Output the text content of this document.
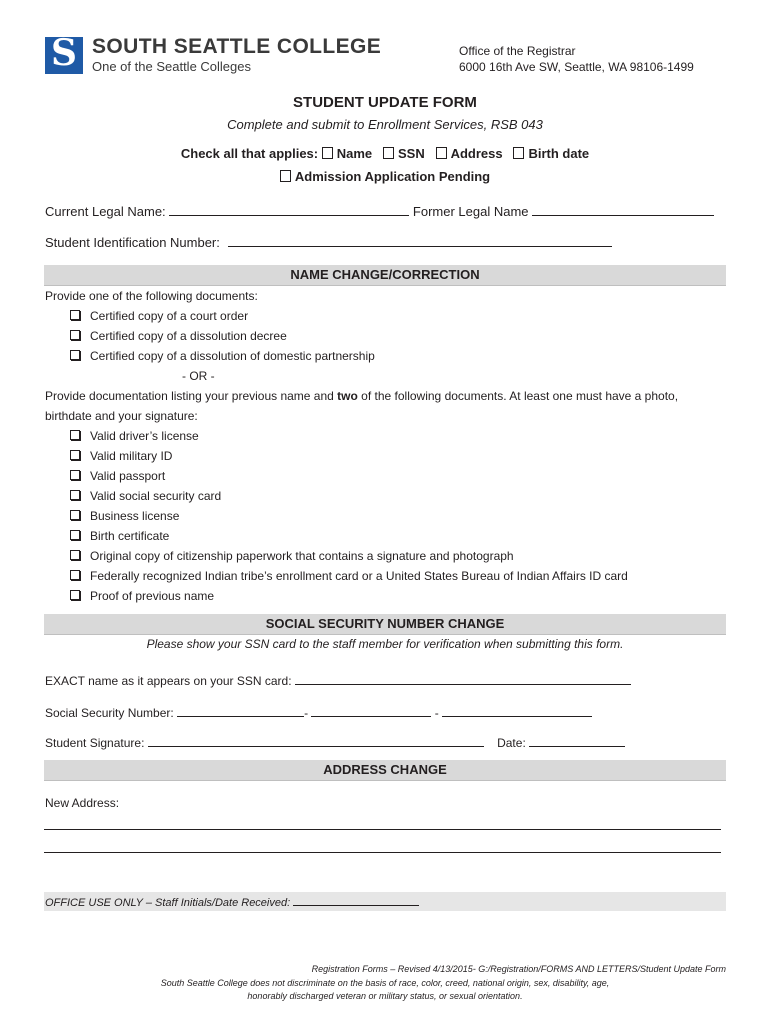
S SOUTH SEATTLE COLLEGE
One of the Seattle Colleges
Office of the Registrar
6000 16th Ave SW, Seattle, WA 98106-1499
STUDENT UPDATE FORM
Complete and submit to Enrollment Services, RSB 043
Check all that applies: Name SSN Address Birth date
Admission Application Pending
Current Legal Name:	Former Legal Name
Student Identification Number:
NAME CHANGE/CORRECTION
Provide one of the following documents:
Certified copy of a court order
Certified copy of a dissolution decree
Certified copy of a dissolution of domestic partnership
- OR -
Provide documentation listing your previous name and two of the following documents. At least one must have a photo,
birthdate and your signature:
Valid driver’s license
Valid military ID
Valid passport
Valid social security card
Business license
Birth certificate
Original copy of citizenship paperwork that contains a signature and photograph
Federally recognized Indian tribe’s enrollment card or a United States Bureau of Indian Affairs ID card
Proof of previous name
SOCIAL SECURITY NUMBER CHANGE
Please show your SSN card to the staff member for verification when submitting this form.
EXACT name as it appears on your SSN card:
Social Security Number:	-	-
Student Signature:	Date:
ADDRESS CHANGE
New Address:
OFFICE USE ONLY – Staff Initials/Date Received:
Registration Forms – Revised 4/13/2015- G:/Registration/FORMS AND LETTERS/Student Update Form
South Seattle College does not discriminate on the basis of race, color, creed, national origin, sex, disability, age,
honorably discharged veteran or military status, or sexual orientation.
